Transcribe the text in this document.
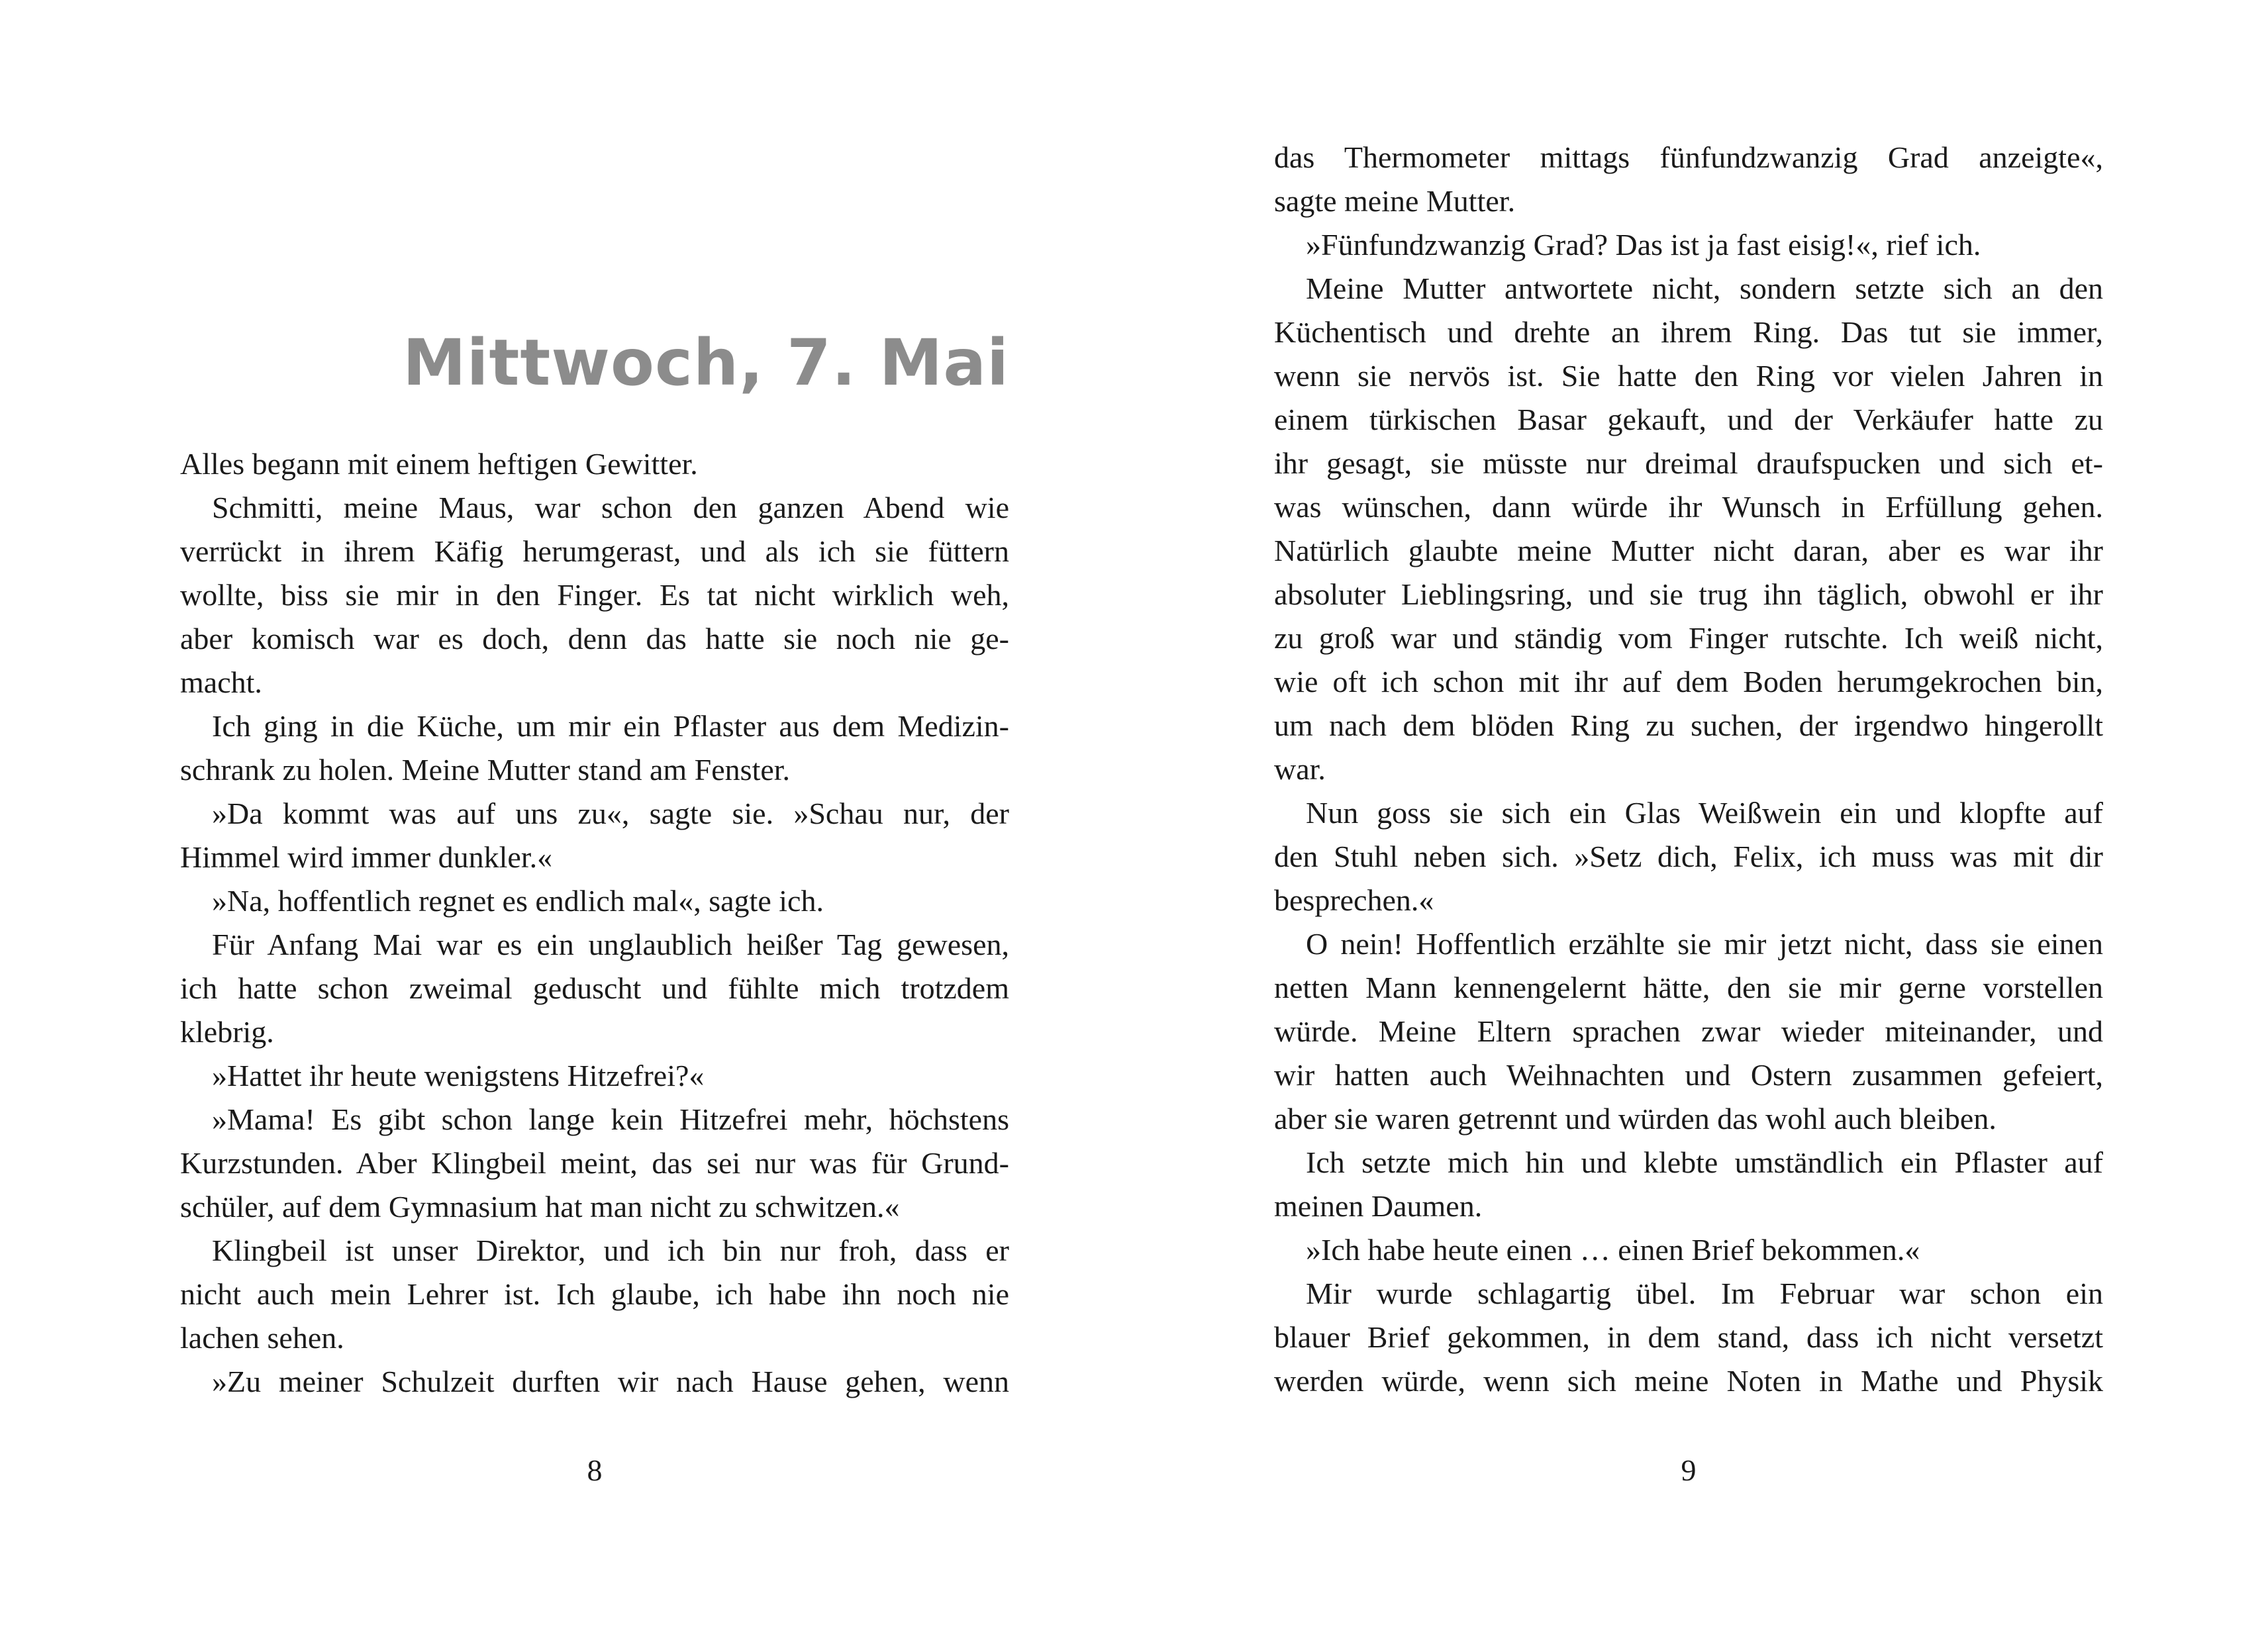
Mittwoch, 7. Mai
Alles begann mit einem heftigen Gewitter.
Schmitti, meine Maus, war schon den ganzen Abend wie
verrückt in ihrem Käfig herumgerast, und als ich sie füttern
wollte, biss sie mir in den Finger. Es tat nicht wirklich weh,
aber komisch war es doch, denn das hatte sie noch nie ge-
macht.
Ich ging in die Küche, um mir ein Pflaster aus dem Medizin-
schrank zu holen. Meine Mutter stand am Fenster.
»Da kommt was auf uns zu«, sagte sie. »Schau nur, der
Himmel wird immer dunkler.«
»Na, hoffentlich regnet es endlich mal«, sagte ich.
Für Anfang Mai war es ein unglaublich heißer Tag gewesen,
ich hatte schon zweimal geduscht und fühlte mich trotzdem
klebrig.
»Hattet ihr heute wenigstens Hitzefrei?«
»Mama! Es gibt schon lange kein Hitzefrei mehr, höchstens
Kurzstunden. Aber Klingbeil meint, das sei nur was für Grund-
schüler, auf dem Gymnasium hat man nicht zu schwitzen.«
Klingbeil ist unser Direktor, und ich bin nur froh, dass er
nicht auch mein Lehrer ist. Ich glaube, ich habe ihn noch nie
lachen sehen.
»Zu meiner Schulzeit durften wir nach Hause gehen, wenn
8
das Thermometer mittags fünfundzwanzig Grad anzeigte«,
sagte meine Mutter.
»Fünfundzwanzig Grad? Das ist ja fast eisig!«, rief ich.
Meine Mutter antwortete nicht, sondern setzte sich an den
Küchentisch und drehte an ihrem Ring. Das tut sie immer,
wenn sie nervös ist. Sie hatte den Ring vor vielen Jahren in
einem türkischen Basar gekauft, und der Verkäufer hatte zu
ihr gesagt, sie müsste nur dreimal draufspucken und sich et-
was wünschen, dann würde ihr Wunsch in Erfüllung gehen.
Natürlich glaubte meine Mutter nicht daran, aber es war ihr
absoluter Lieblingsring, und sie trug ihn täglich, obwohl er ihr
zu groß war und ständig vom Finger rutschte. Ich weiß nicht,
wie oft ich schon mit ihr auf dem Boden herumgekrochen bin,
um nach dem blöden Ring zu suchen, der irgendwo hingerollt
war.
Nun goss sie sich ein Glas Weißwein ein und klopfte auf
den Stuhl neben sich. »Setz dich, Felix, ich muss was mit dir
besprechen.«
O nein! Hoffentlich erzählte sie mir jetzt nicht, dass sie einen
netten Mann kennengelernt hätte, den sie mir gerne vorstellen
würde. Meine Eltern sprachen zwar wieder miteinander, und
wir hatten auch Weihnachten und Ostern zusammen gefeiert,
aber sie waren getrennt und würden das wohl auch bleiben.
Ich setzte mich hin und klebte umständlich ein Pflaster auf
meinen Daumen.
»Ich habe heute einen … einen Brief bekommen.«
Mir wurde schlagartig übel. Im Februar war schon ein
blauer Brief gekommen, in dem stand, dass ich nicht versetzt
werden würde, wenn sich meine Noten in Mathe und Physik
9
